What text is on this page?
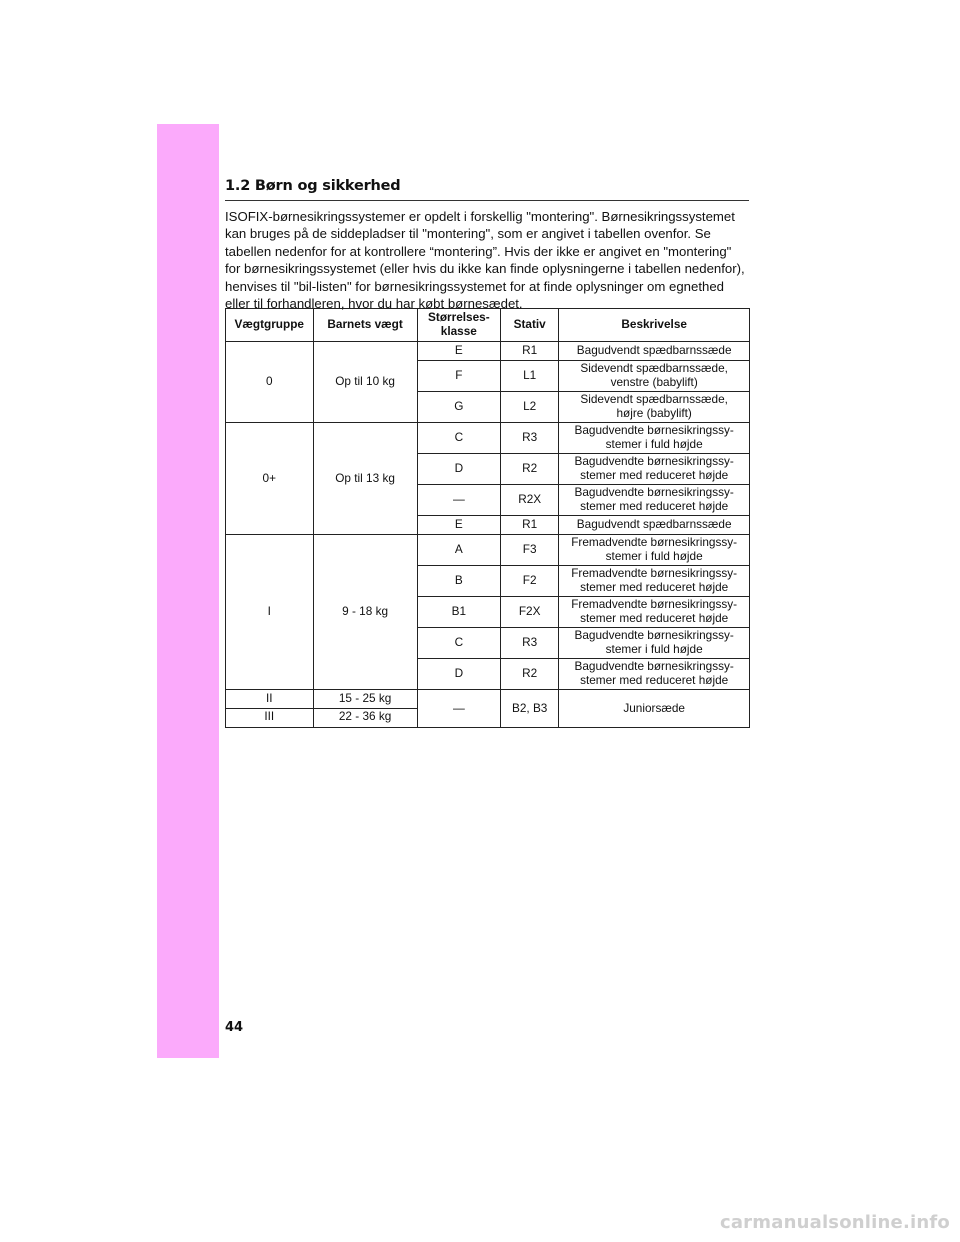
1.2 Børn og sikkerhed

ISOFIX-børnesikringssystemer er opdelt i forskellig "montering". Børnesikringssystemet
kan bruges på de siddepladser til "montering", som er angivet i tabellen ovenfor. Se
tabellen nedenfor for at kontrollere “montering”. Hvis der ikke er angivet en "montering"
for børnesikringssystemet (eller hvis du ikke kan finde oplysningerne i tabellen nedenfor),
henvises til "bil-listen" for børnesikringssystemet for at finde oplysninger om egnethed
eller til forhandleren, hvor du har købt børnesædet.

Vægtgruppe	Barnets vægt	Størrelses-
klasse	Stativ	Beskrivelse
0	Op til 10 kg	E	R1	Bagudvendt spædbarnssæde
		F	L1	Sidevendt spædbarnssæde,
venstre (babylift)
		G	L2	Sidevendt spædbarnssæde,
højre (babylift)
0+	Op til 13 kg	C	R3	Bagudvendte børnesikringssy-
stemer i fuld højde
		D	R2	Bagudvendte børnesikringssy-
stemer med reduceret højde
		—	R2X	Bagudvendte børnesikringssy-
stemer med reduceret højde
		E	R1	Bagudvendt spædbarnssæde
I	9 - 18 kg	A	F3	Fremadvendte børnesikringssy-
stemer i fuld højde
		B	F2	Fremadvendte børnesikringssy-
stemer med reduceret højde
		B1	F2X	Fremadvendte børnesikringssy-
stemer med reduceret højde
		C	R3	Bagudvendte børnesikringssy-
stemer i fuld højde
		D	R2	Bagudvendte børnesikringssy-
stemer med reduceret højde
II	15 - 25 kg	—	B2, B3	Juniorsæde
III	22 - 36 kg			
44
carmanualsonline.info
